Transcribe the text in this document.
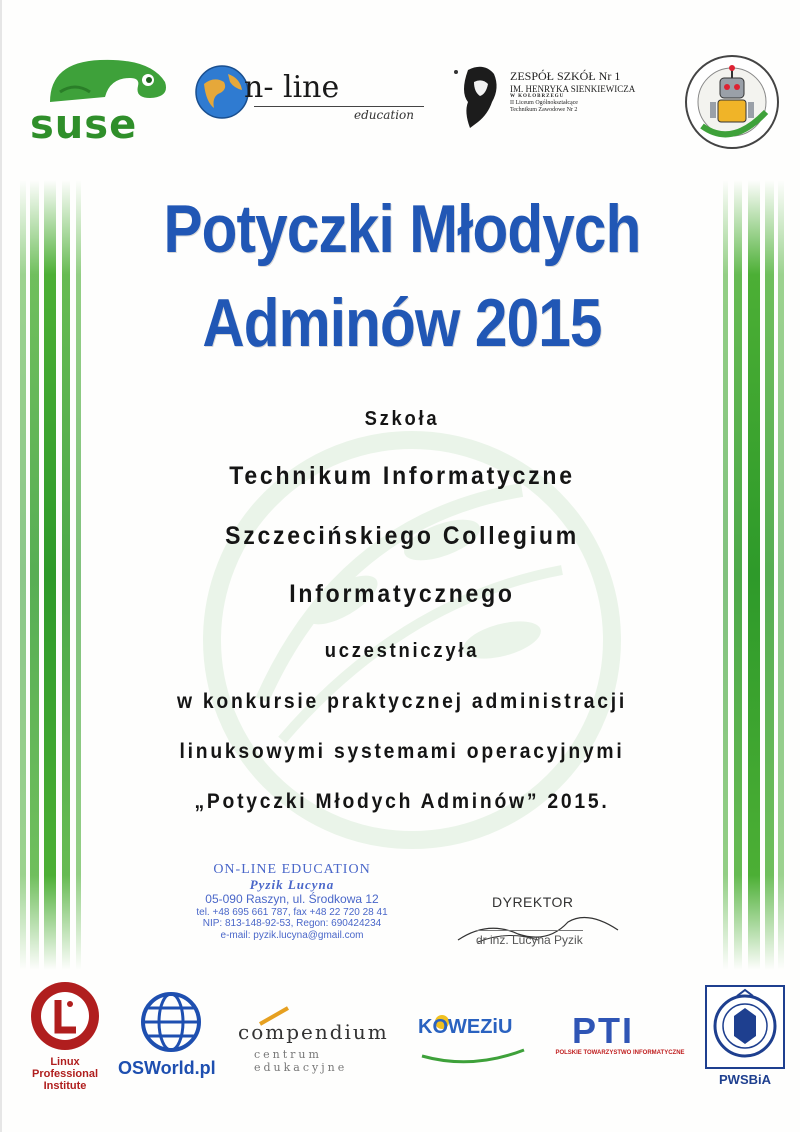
suse
n- line
education
ZESPÓŁ SZKÓŁ Nr 1
IM. HENRYKA SIENKIEWICZA
W KOŁOBRZEGU
II Liceum Ogólnokształcące
Technikum Zawodowe Nr 2
Potyczki Młodych
Adminów 2015
Szkoła
Technikum Informatyczne
Szczecińskiego Collegium
Informatycznego
uczestniczyła
w konkursie praktycznej administracji
linuksowymi systemami operacyjnymi
„Potyczki Młodych Adminów” 2015.
ON-LINE EDUCATION
Pyzik Lucyna
05-090 Raszyn, ul. Środkowa 12
tel. +48 695 661 787, fax +48 22 720 28 41
NIP: 813-148-92-53, Regon: 690424234
e-mail: pyzik.lucyna@gmail.com
DYREKTOR
dr inż. Lucyna Pyzik
Linux
Professional
Institute
OSWorld.pl
compendium
centrum edukacyjne
KOWEZiU PTI
POLSKIE TOWARZYSTWO INFORMATYCZNE
PWSBiA
